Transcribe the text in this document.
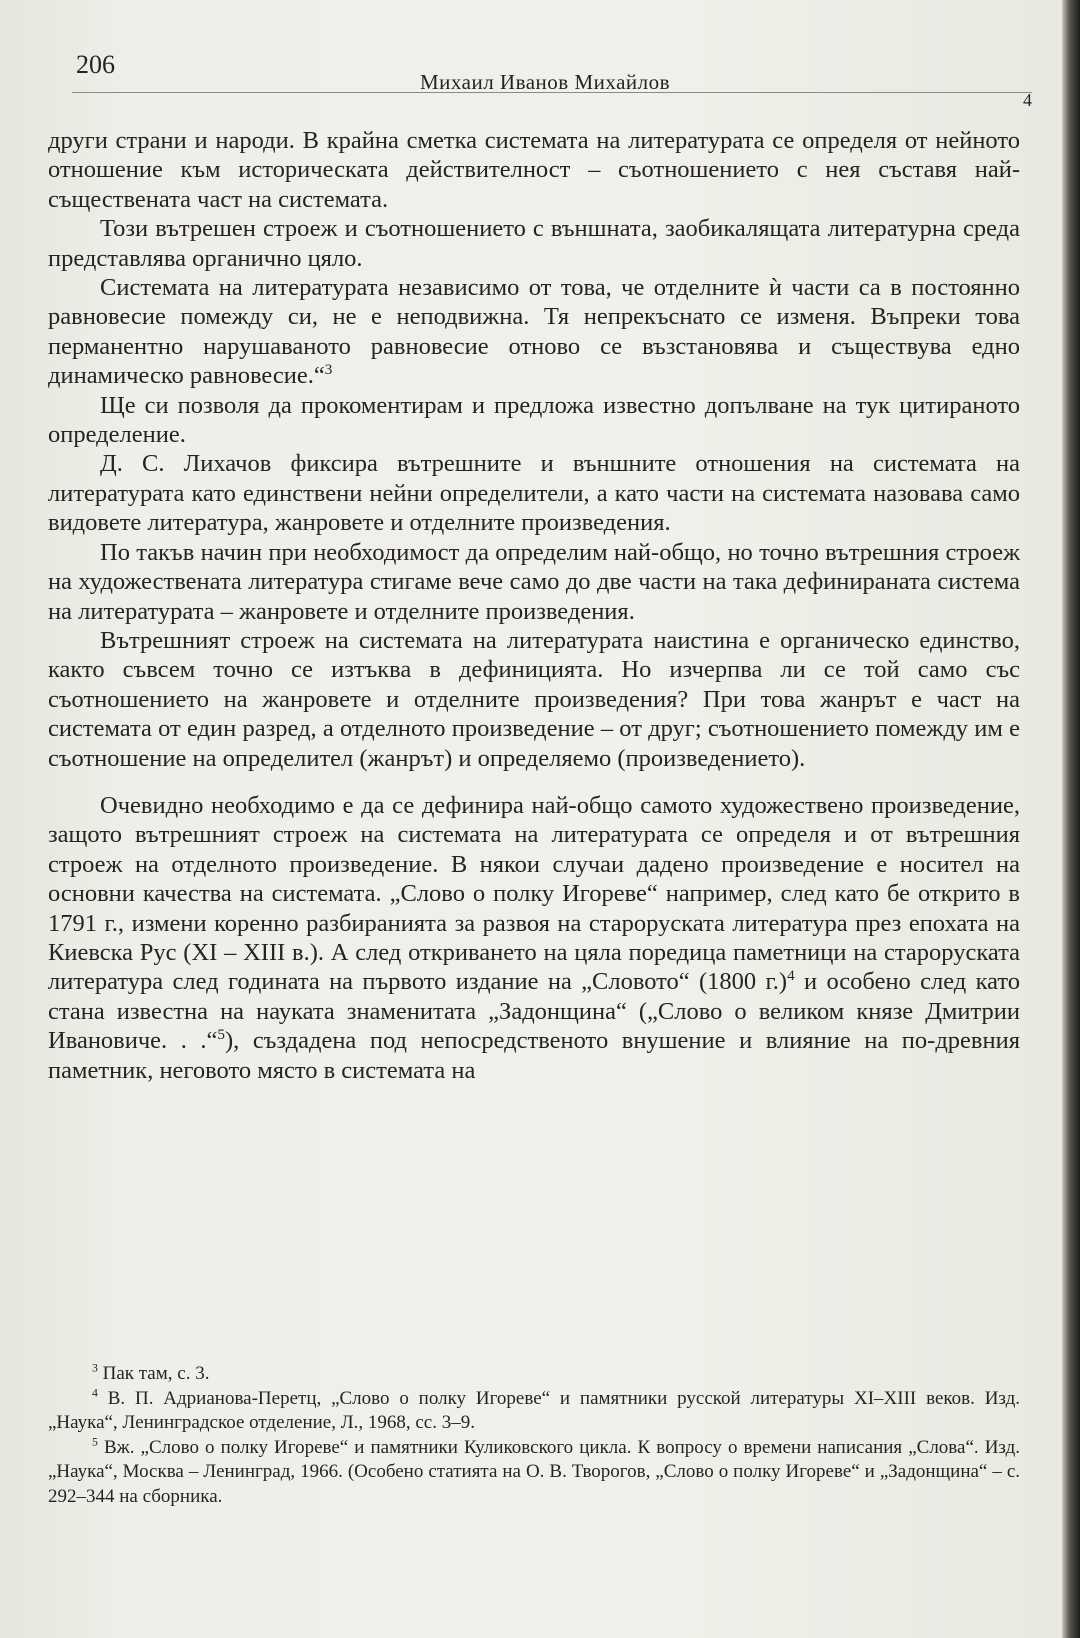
206
Михаил Иванов Михайлов
4

други страни и народи. В крайна сметка системата на литературата се определя от нейното отношение към историческата действителност – съотношението с нея съставя най-съществената част на системата.

Този вътрешен строеж и съотношението с външната, заобикалящата литературна среда представлява органично цяло.

Системата на литературата независимо от това, че отделните ѝ части са в постоянно равновесие помежду си, не е неподвижна. Тя непрекъснато се изменя. Въпреки това перманентно нарушаваното равновесие отново се възстановява и съществува едно динамическо равновесие.“$^3$

Ще си позволя да прокоментирам и предложа известно допълване на тук цитираното определение.

Д. С. Лихачов фиксира вътрешните и външните отношения на системата на литературата като единствени нейни определители, а като части на системата назовава само видовете литература, жанровете и отделните произведения.

По такъв начин при необходимост да определим най-общо, но точно вътрешния строеж на художествената литература стигаме вече само до две части на така дефинираната система на литературата – жанровете и отделните произведения.

Вътрешният строеж на системата на литературата наистина е органическо единство, както съвсем точно се изтъква в дефиницията. Но изчерпва ли се той само със съотношението на жанровете и отделните произведения? При това жанрът е част на системата от един разред, а отделното произведение – от друг; съотношението помежду им е съотношение на определител (жанрът) и определяемо (произведението).

Очевидно необходимо е да се дефинира най-общо самото художествено произведение, защото вътрешният строеж на системата на литературата се определя и от вътрешния строеж на отделното произведение. В някои случаи дадено произведение е носител на основни качества на системата. „Слово о полку Игореве“ например, след като бе открито в 1791 г., измени коренно разбиранията за развоя на староруската литература през епохата на Киевска Рус (XI – XIII в.). А след откриването на цяла поредица паметници на староруската литература след годината на първото издание на „Словото“ (1800 г.)$^4$ и особено след като стана известна на науката знаменитата „Задонщина“ („Слово о великом князе Дмитрии Ивановиче. . .“$^5$), създадена под непосредственото внушение и влияние на по-древния паметник, неговото място в системата на

$^3$ Пак там, с. 3.

$^4$ В. П. Адрианова-Перетц, „Слово о полку Игореве“ и памятники русской литературы XI–XIII веков. Изд. „Наука“, Ленинградское отделение, Л., 1968, сс. 3–9.

$^5$ Вж. „Слово о полку Игореве“ и памятники Куликовского цикла. К вопросу о времени написания „Слова“. Изд. „Наука“, Москва – Ленинград, 1966. (Особено статията на О. В. Творогов, „Слово о полку Игореве“ и „Задонщина“ – с. 292–344 на сборника.
